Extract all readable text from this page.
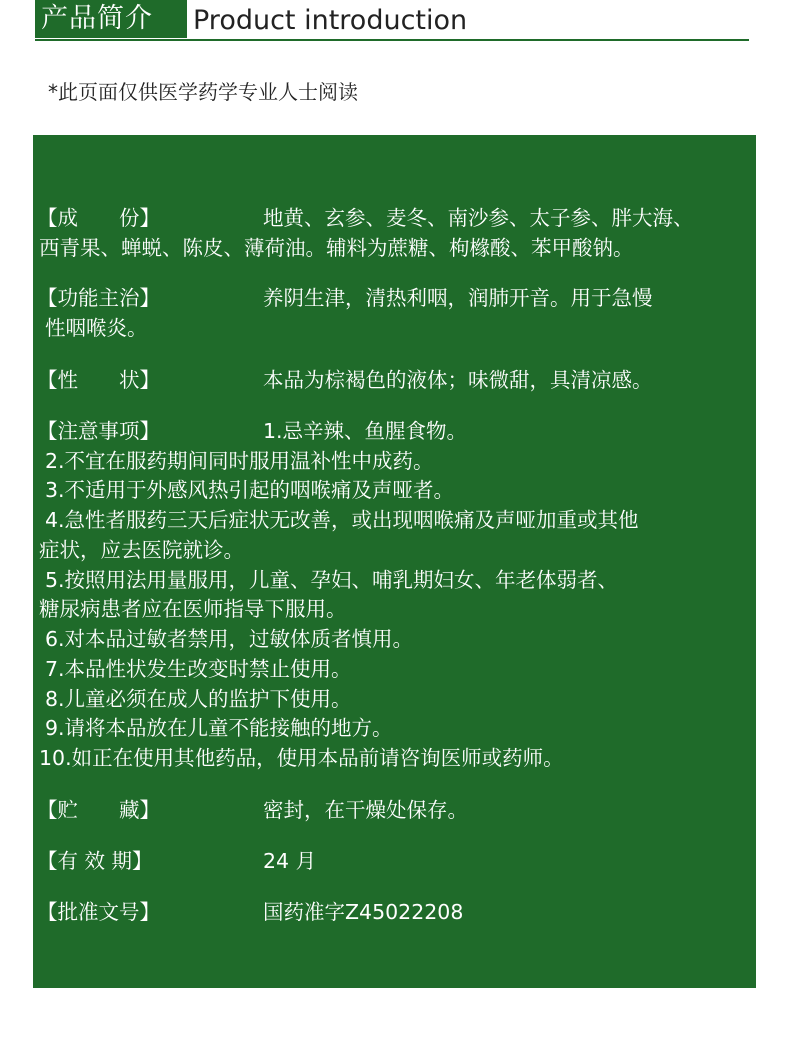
产品简介	Product introduction
*此页面仅供医学药学专业人士阅读
【成　　份】	地黄、玄参、麦冬、南沙参、太子参、胖大海、
西青果、蝉蜕、陈皮、薄荷油。辅料为蔗糖、枸橼酸、苯甲酸钠。
【功能主治】	养阴生津，清热利咽，润肺开音。用于急慢
性咽喉炎。
【性　　状】	本品为棕褐色的液体；味微甜，具清凉感。
【注意事项】	1.忌辛辣、鱼腥食物。
2.不宜在服药期间同时服用温补性中成药。
3.不适用于外感风热引起的咽喉痛及声哑者。
4.急性者服药三天后症状无改善，或出现咽喉痛及声哑加重或其他
症状，应去医院就诊。
5.按照用法用量服用，儿童、孕妇、哺乳期妇女、年老体弱者、
糖尿病患者应在医师指导下服用。
6.对本品过敏者禁用，过敏体质者慎用。
7.本品性状发生改变时禁止使用。
8.儿童必须在成人的监护下使用。
9.请将本品放在儿童不能接触的地方。
10.如正在使用其他药品，使用本品前请咨询医师或药师。
【贮　　藏】	密封，在干燥处保存。
【有 效 期】	24 月
【批准文号】	国药准字Z45022208
